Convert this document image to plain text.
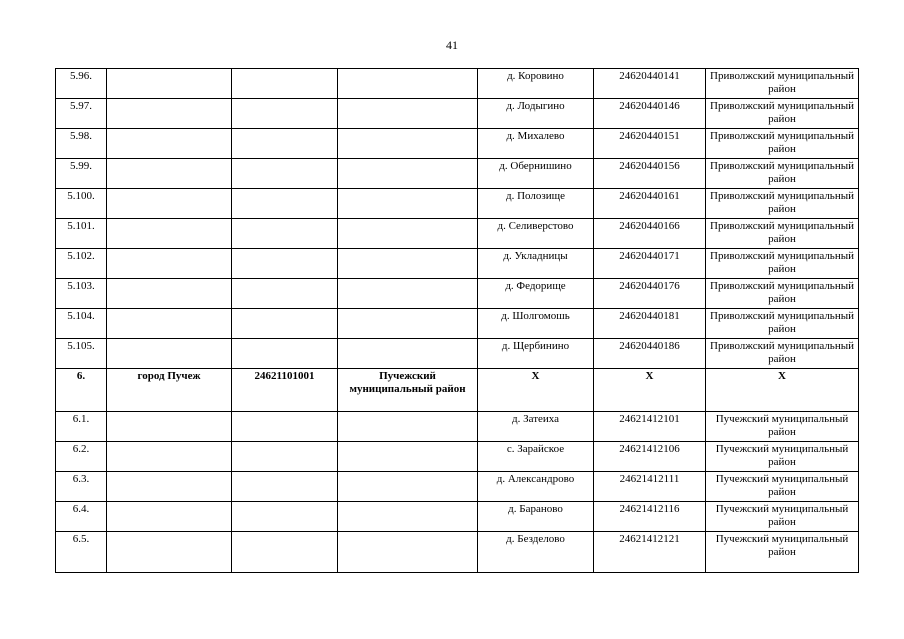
41
5.96.				д. Коровино	24620440141	Приволжский муниципальный район
5.97.				д. Лодыгино	24620440146	Приволжский муниципальный район
5.98.				д. Михалево	24620440151	Приволжский муниципальный район
5.99.				д. Обернишино	24620440156	Приволжский муниципальный район
5.100.				д. Полозище	24620440161	Приволжский муниципальный район
5.101.				д. Селиверстово	24620440166	Приволжский муниципальный район
5.102.				д. Укладницы	24620440171	Приволжский муниципальный район
5.103.				д. Федорище	24620440176	Приволжский муниципальный район
5.104.				д. Шолгомошь	24620440181	Приволжский муниципальный район
5.105.				д. Щербинино	24620440186	Приволжский муниципальный район
6.	город Пучеж	24621101001	Пучежский муниципальный район	Х	Х	Х
6.1.				д. Затеиха	24621412101	Пучежский муниципальный район
6.2.				с. Зарайское	24621412106	Пучежский муниципальный район
6.3.				д. Александрово	24621412111	Пучежский муниципальный район
6.4.				д. Бараново	24621412116	Пучежский муниципальный район
6.5.				д. Безделово	24621412121	Пучежский муниципальный район
